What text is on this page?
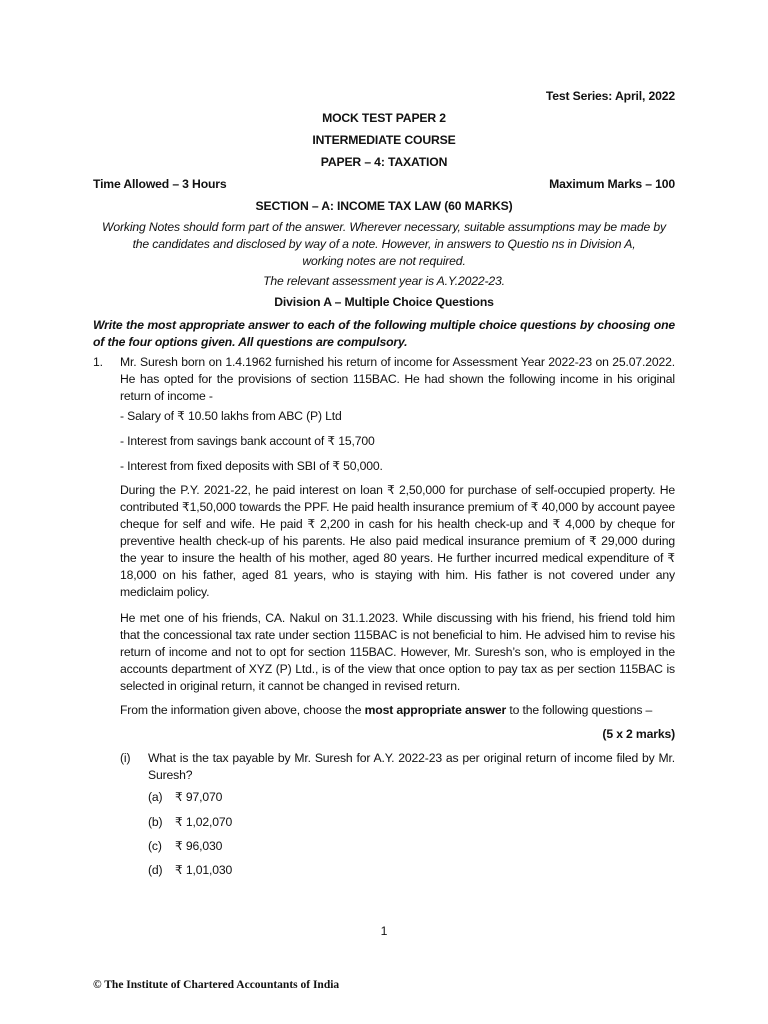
Test Series: April, 2022
MOCK TEST PAPER 2
INTERMEDIATE COURSE
PAPER – 4: TAXATION
Time Allowed – 3 Hours	Maximum Marks – 100
SECTION – A: INCOME TAX LAW (60 MARKS)
Working Notes should form part of the answer. Wherever necessary, suitable assumptions may be made by
the candidates and disclosed by way of a note. However, in answers to Questio ns in Division A,
working notes are not required.
The relevant assessment year is A.Y.2022-23.
Division A – Multiple Choice Questions
Write the most appropriate answer to each of the following multiple choice questions by choosing one of the four options given. All questions are compulsory.
1. Mr. Suresh born on 1.4.1962 furnished his return of income for Assessment Year 2022-23 on 25.07.2022. He has opted for the provisions of section 115BAC. He had shown the following income in his original return of income -
- Salary of ₹ 10.50 lakhs from ABC (P) Ltd
- Interest from savings bank account of ₹ 15,700
- Interest from fixed deposits with SBI of ₹ 50,000.
During the P.Y. 2021-22, he paid interest on loan ₹ 2,50,000 for purchase of self-occupied property. He contributed ₹1,50,000 towards the PPF. He paid health insurance premium of ₹ 40,000 by account payee cheque for self and wife. He paid ₹ 2,200 in cash for his health check-up and ₹ 4,000 by cheque for preventive health check-up of his parents. He also paid medical insurance premium of ₹ 29,000 during the year to insure the health of his mother, aged 80 years. He further incurred medical expenditure of ₹ 18,000 on his father, aged 81 years, who is staying with him. His father is not covered under any mediclaim policy.
He met one of his friends, CA. Nakul on 31.1.2023. While discussing with his friend, his friend told him that the concessional tax rate under section 115BAC is not beneficial to him. He advised him to revise his return of income and not to opt for section 115BAC. However, Mr. Suresh’s son, who is employed in the accounts department of XYZ (P) Ltd., is of the view that once option to pay tax as per section 115BAC is selected in original return, it cannot be changed in revised return.
From the information given above, choose the most appropriate answer to the following questions –
(5 x 2 marks)
(i) What is the tax payable by Mr. Suresh for A.Y. 2022-23 as per original return of income filed by Mr. Suresh?
(a) ₹ 97,070
(b) ₹ 1,02,070
(c) ₹ 96,030
(d) ₹ 1,01,030
1
© The Institute of Chartered Accountants of India
